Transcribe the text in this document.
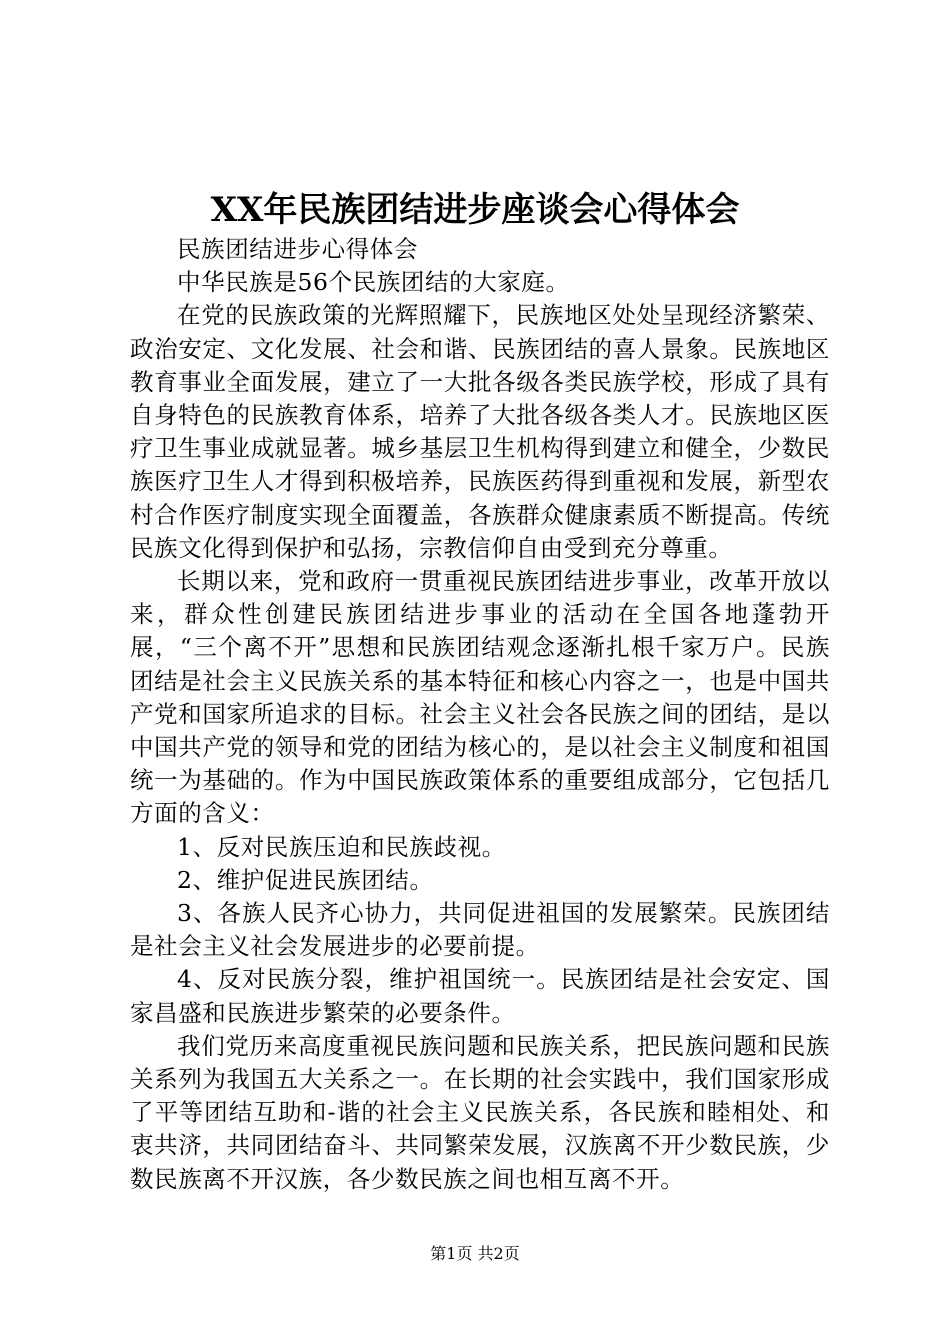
XX年民族团结进步座谈会心得体会

民族团结进步心得体会

中华民族是56个民族团结的大家庭。

在党的民族政策的光辉照耀下，民族地区处处呈现经济繁荣、政治安定、文化发展、社会和谐、民族团结的喜人景象。民族地区教育事业全面发展，建立了一大批各级各类民族学校，形成了具有自身特色的民族教育体系，培养了大批各级各类人才。民族地区医疗卫生事业成就显著。城乡基层卫生机构得到建立和健全，少数民族医疗卫生人才得到积极培养，民族医药得到重视和发展，新型农村合作医疗制度实现全面覆盖，各族群众健康素质不断提高。传统民族文化得到保护和弘扬，宗教信仰自由受到充分尊重。

长期以来，党和政府一贯重视民族团结进步事业，改革开放以来，群众性创建民族团结进步事业的活动在全国各地蓬勃开展，“三个离不开”思想和民族团结观念逐渐扎根千家万户。民族团结是社会主义民族关系的基本特征和核心内容之一，也是中国共产党和国家所追求的目标。社会主义社会各民族之间的团结，是以中国共产党的领导和党的团结为核心的，是以社会主义制度和祖国统一为基础的。作为中国民族政策体系的重要组成部分，它包括几方面的含义：

1、反对民族压迫和民族歧视。

2、维护促进民族团结。

3、各族人民齐心协力，共同促进祖国的发展繁荣。民族团结是社会主义社会发展进步的必要前提。

4、反对民族分裂，维护祖国统一。民族团结是社会安定、国家昌盛和民族进步繁荣的必要条件。

我们党历来高度重视民族问题和民族关系，把民族问题和民族关系列为我国五大关系之一。在长期的社会实践中，我们国家形成了平等团结互助和-谐的社会主义民族关系，各民族和睦相处、和衷共济，共同团结奋斗、共同繁荣发展，汉族离不开少数民族，少数民族离不开汉族，各少数民族之间也相互离不开。

第1页 共2页
